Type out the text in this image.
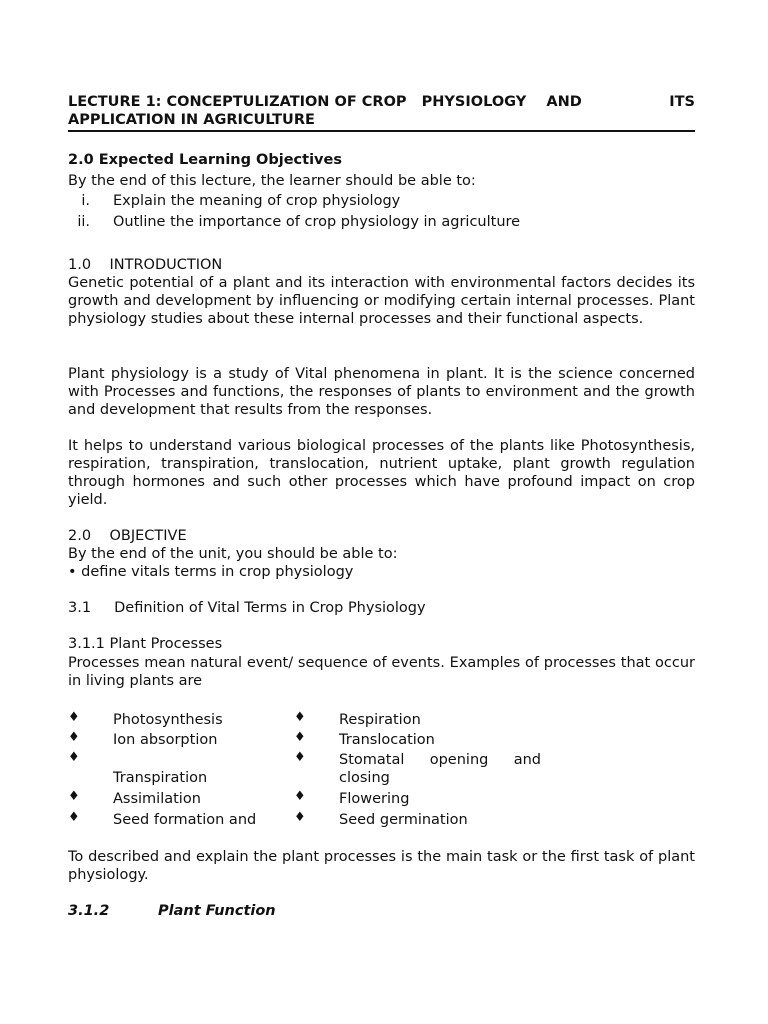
LECTURE 1: CONCEPTULIZATION OF CROP   PHYSIOLOGY    AND	ITS
APPLICATION IN AGRICULTURE
2.0 Expected Learning Objectives
By the end of this lecture, the learner should be able to:
i. Explain the meaning of crop physiology
ii. Outline the importance of crop physiology in agriculture
1.0    INTRODUCTION
Genetic potential of a plant and its interaction with environmental factors decides its growth and development by influencing or modifying certain internal processes. Plant physiology studies about these internal processes and their functional aspects.
Plant physiology is a study of Vital phenomena in plant. It is the science concerned with Processes and functions, the responses of plants to environment and the growth and development that results from the responses.
It helps to understand various biological processes of the plants like Photosynthesis, respiration, transpiration, translocation, nutrient uptake, plant growth regulation through hormones and such other processes which have profound impact on crop yield.
2.0    OBJECTIVE
By the end of the unit, you should be able to:
• define vitals terms in crop physiology
3.1     Definition of Vital Terms in Crop Physiology
3.1.1 Plant Processes
Processes mean natural event/ sequence of events. Examples of processes that occur in living plants are
♦ Photosynthesis
♦ Ion absorption
♦
Transpiration
♦ Assimilation
♦ Seed formation and
♦ Respiration
♦ Translocation
♦ Stomatal opening and
closing
♦ Flowering
♦ Seed germination
To described and explain the plant processes is the main task or the first task of plant physiology.
3.1.2	Plant Function
